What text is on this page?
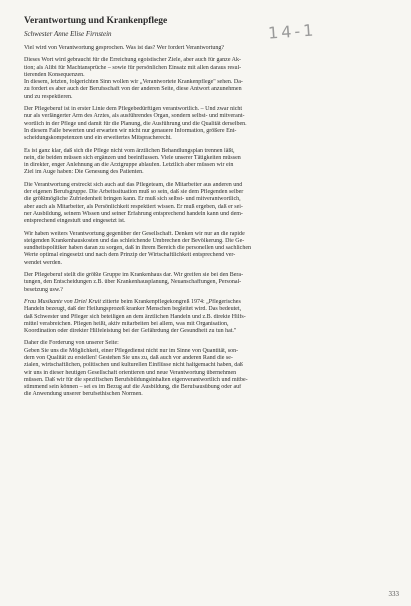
14-1
Verantwortung und Krankenpflege
Schwester Anne Elise Firnstein
Viel wird von Verantwortung gesprochen. Was ist das? Wer fordert Verantwortung?
Dieses Wort wird gebraucht für die Erreichung egoistischer Ziele, aber auch für ganze Ak-
tion; als Alibi für Machtansprüche – sowie für persönlichen Einsatz mit allen daraus resul-
tierenden Konsequenzen.
In diesem, letzten, folgerichten Sinn wollen wir „Verantwortete Krankenpflege" sehen. Da-
zu fordert es aber auch der Berufsschaft von der anderen Seite, diese Antwort anzunehmen
und zu respektieren.
Der Pflegeberuf ist in erster Linie dem Pflegebedürftigen verantwortlich. – Und zwar nicht
nur als verlängerter Arm des Arztes, als ausführendes Organ, sondern selbst- und mitverant-
wortlich in der Pflege und damit für die Planung, die Ausführung und die Qualität derselben.
In diesem Falle bewerten und erwarten wir nicht nur genauere Information, größere Ent-
scheidungskompetenzen und ein erweitertes Mitspracherecht.
Es ist ganz klar, daß sich die Pflege nicht vom ärztlichen Behandlungsplan trennen läßt,
nein, die beiden müssen sich ergänzen und beeinflussen. Viele unserer Tätigkeiten müssen
in direkter, enger Anlehnung an die Arztgruppe ablaufen. Letztlich aber müssen wir ein
Ziel im Auge haben: Die Genesung des Patienten.
Die Verantwortung erstreckt sich auch auf das Pflegeteam, die Mitarbeiter aus anderen und
der eigenen Berufsgruppe. Die Arbeitssituation muß so sein, daß sie dem Pflegenden selber
die größtmögliche Zufriedenheit bringen kann. Er muß sich selbst- und mitverantwortlich,
aber auch als Mitarbeiter, als Persönlichkeit respektiert wissen. Er muß ergeben, daß er sei-
ner Ausbildung, seinem Wissen und seiner Erfahrung entsprechend handeln kann und dem-
entsprechend eingestuft und eingesetzt ist.
Wir haben weiters Verantwortung gegenüber der Gesellschaft. Denken wir nur an die rapide
steigenden Krankenhauskosten und das schleichende Umbrechen der Bevölkerung. Die Ge-
sundheitspolitiker haben daran zu sorgen, daß in ihrem Bereich die personellen und sachlichen
Werte optimal eingesetzt und nach dem Prinzip der Wirtschaftlichkeit entsprechend ver-
wendet werden.
Der Pflegeberuf stellt die größte Gruppe im Krankenhaus dar. Wir greifen sie bei den Bera-
tungen, den Entscheidungen z.B. über Krankenhausplanung, Neuanschaffungen, Personal-
besetzung usw.?
Frau Musikante von Driel Kruit zitierte beim Krankenpflegekongreß 1974: „Pflegerisches
Handeln bezeugt, daß der Heilungsprozeß kranker Menschen begleitet wird. Das bedeutet,
daß Schwester und Pfleger sich beteiligen an dem ärztlichen Handeln und z.B. direkte Hilfs-
mittel verabreichen. Pflegen heißt, aktiv mitarbeiten bei allem, was mit Organisation,
Koordination oder direkter Hilfeleistung bei der Gefährdung der Gesundheit zu tun hat."
Daher die Forderung von unserer Seite:
Geben Sie uns die Möglichkeit, einer Pflegedienst nicht nur im Sinne von Quantität, son-
dern von Qualität zu erstellen! Gestehen Sie uns zu, daß auch vor anderen Rand die se-
zialen, wirtschaftlichen, politischen und kulturellen Einflüsse nicht haltgemacht haben, daß
wir uns in dieser heutigen Gesellschaft orientieren und neue Verantwortung übernehmen
müssen. Daß wir für die spezifischen Berufsbildungsinhalten eigenverantwortlich und mitbe-
stimmend sein können – sei es im Bezug auf die Ausbildung, die Berufsausübung oder auf
die Anwendung unserer berufsethischen Normen.
333
